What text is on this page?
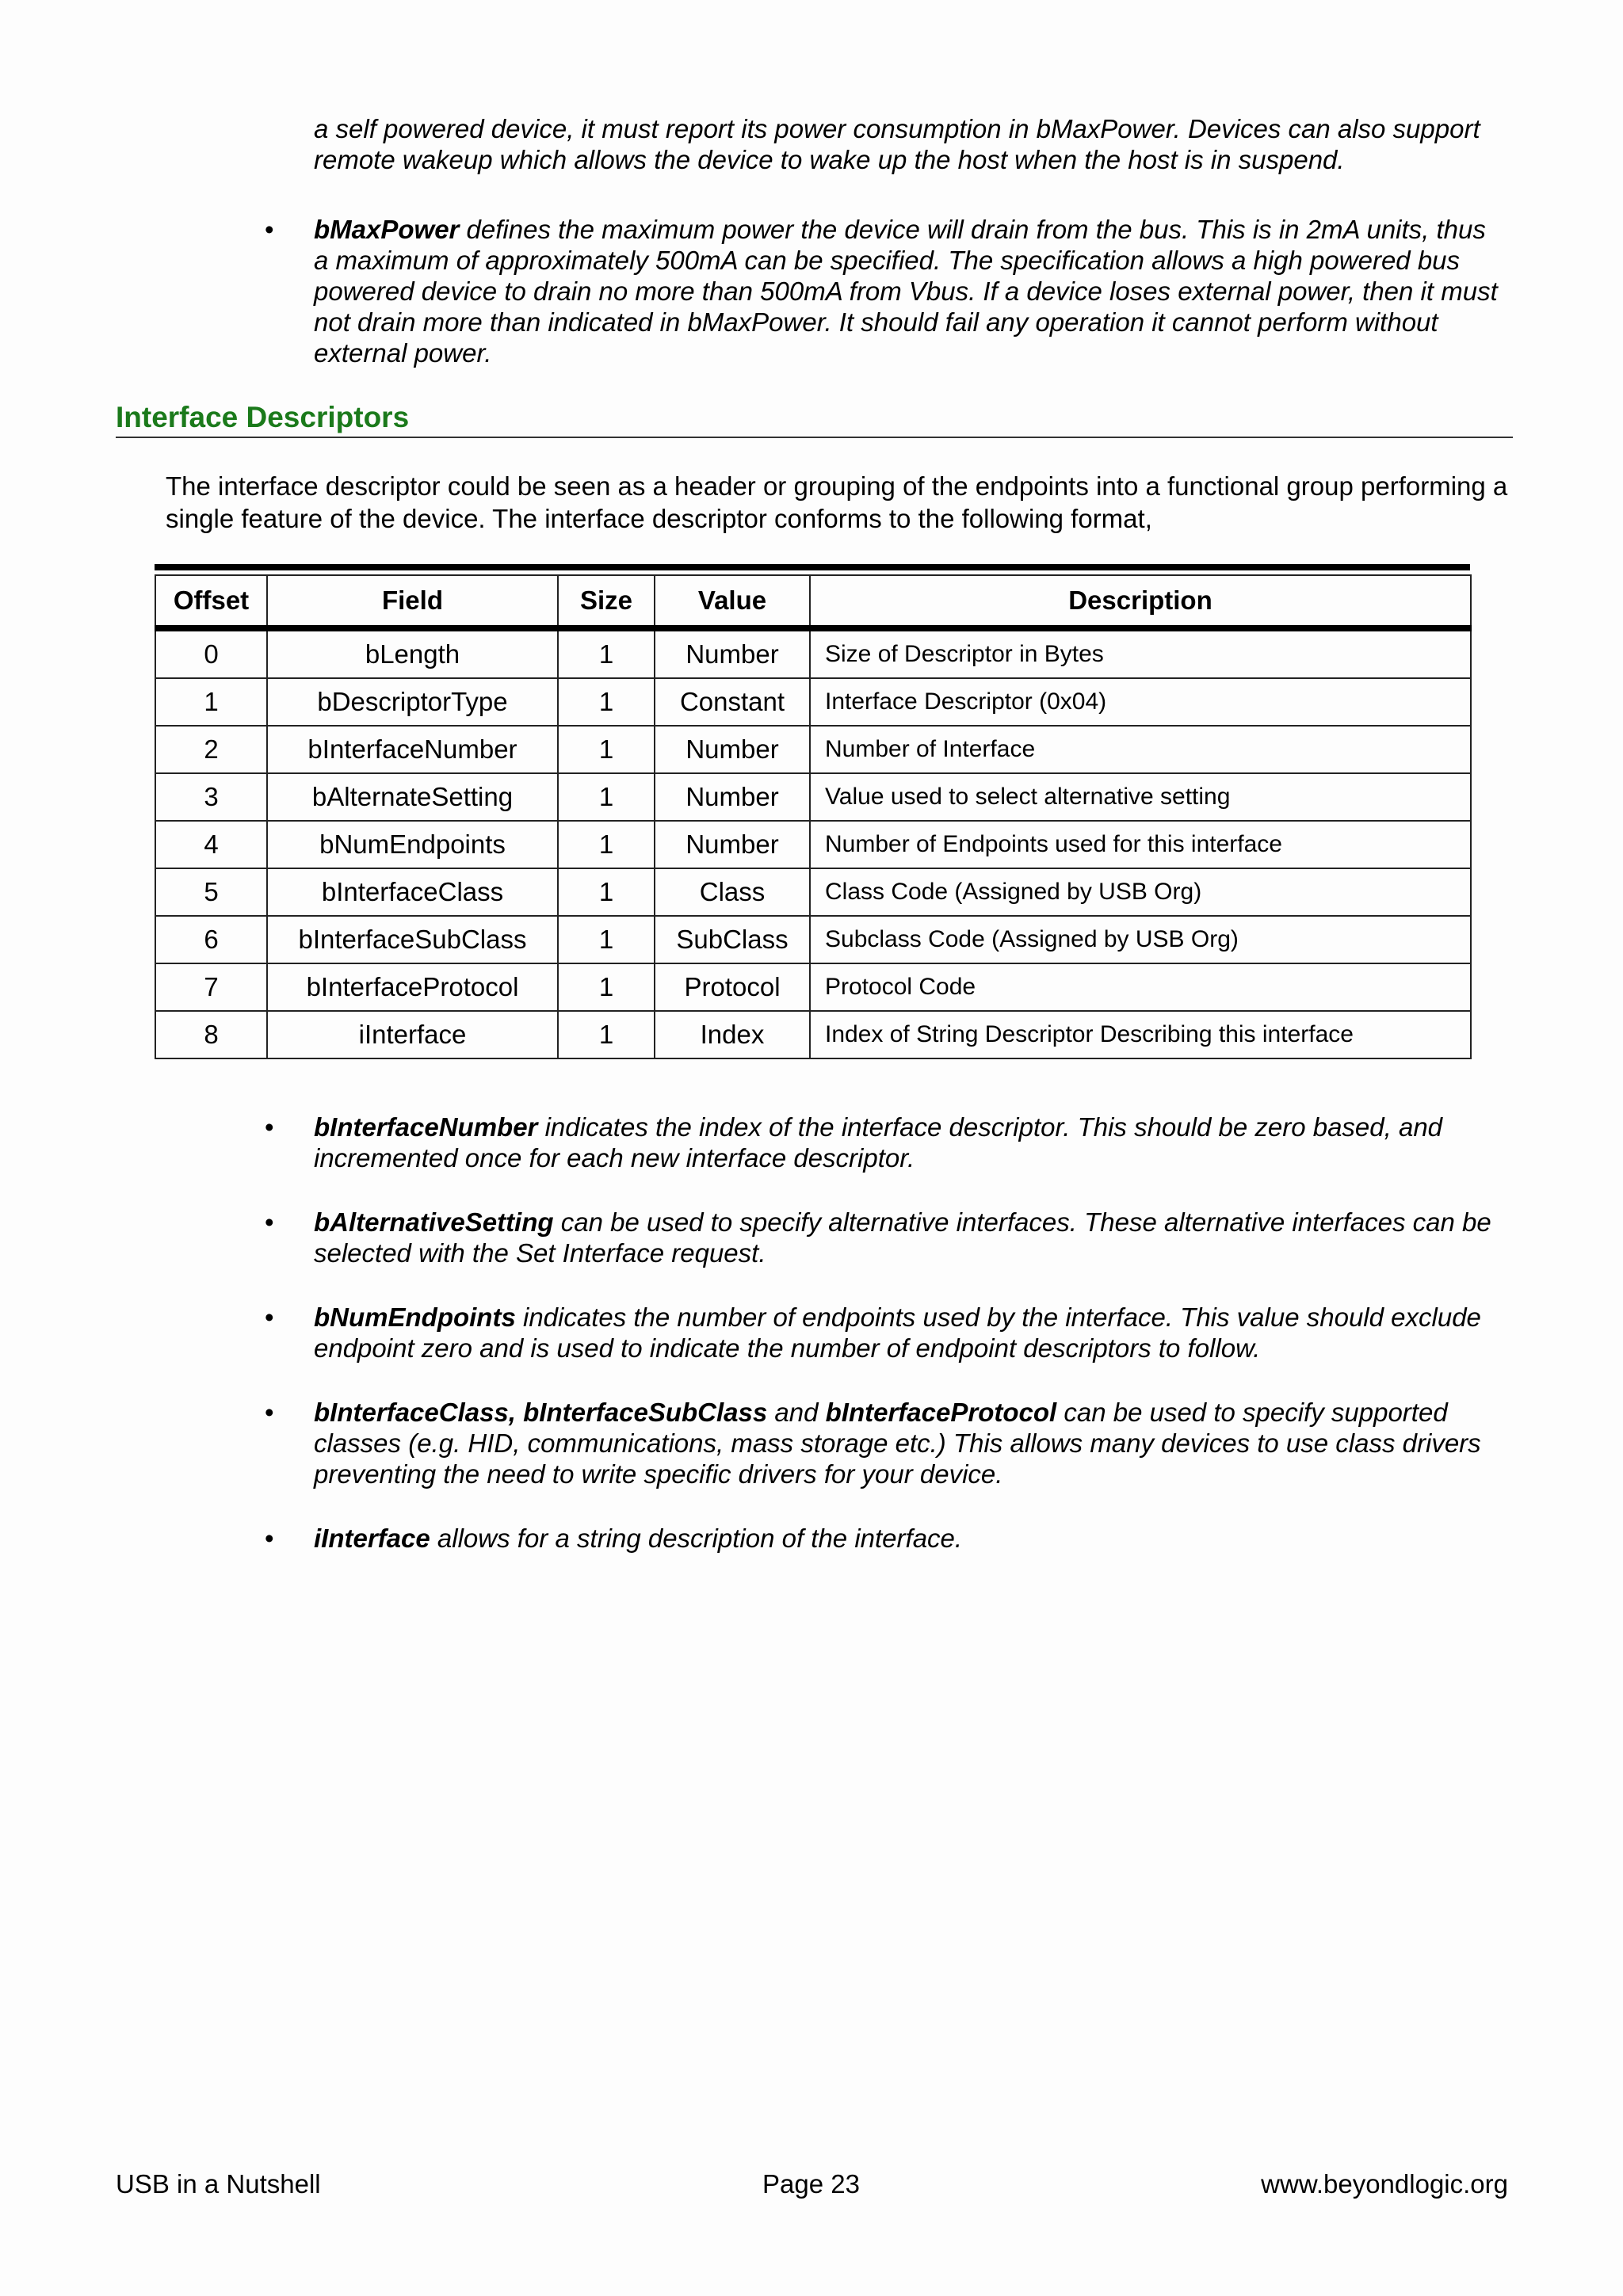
a self powered device, it must report its power consumption in bMaxPower. Devices can also support remote wakeup which allows the device to wake up the host when the host is in suspend.
• bMaxPower defines the maximum power the device will drain from the bus. This is in 2mA units, thus a maximum of approximately 500mA can be specified. The specification allows a high powered bus powered device to drain no more than 500mA from Vbus. If a device loses external power, then it must not drain more than indicated in bMaxPower. It should fail any operation it cannot perform without external power.
Interface Descriptors
The interface descriptor could be seen as a header or grouping of the endpoints into a functional group performing a single feature of the device. The interface descriptor conforms to the following format,
Offset	Field	Size	Value	Description
0	bLength	1	Number	Size of Descriptor in Bytes
1	bDescriptorType	1	Constant	Interface Descriptor (0x04)
2	bInterfaceNumber	1	Number	Number of Interface
3	bAlternateSetting	1	Number	Value used to select alternative setting
4	bNumEndpoints	1	Number	Number of Endpoints used for this interface
5	bInterfaceClass	1	Class	Class Code (Assigned by USB Org)
6	bInterfaceSubClass	1	SubClass	Subclass Code (Assigned by USB Org)
7	bInterfaceProtocol	1	Protocol	Protocol Code
8	iInterface	1	Index	Index of String Descriptor Describing this interface
• bInterfaceNumber indicates the index of the interface descriptor. This should be zero based, and incremented once for each new interface descriptor.
• bAlternativeSetting can be used to specify alternative interfaces. These alternative interfaces can be selected with the Set Interface request.
• bNumEndpoints indicates the number of endpoints used by the interface. This value should exclude endpoint zero and is used to indicate the number of endpoint descriptors to follow.
• bInterfaceClass, bInterfaceSubClass and bInterfaceProtocol can be used to specify supported classes (e.g. HID, communications, mass storage etc.) This allows many devices to use class drivers preventing the need to write specific drivers for your device.
• iInterface allows for a string description of the interface.
USB in a Nutshell	Page 23	www.beyondlogic.org
